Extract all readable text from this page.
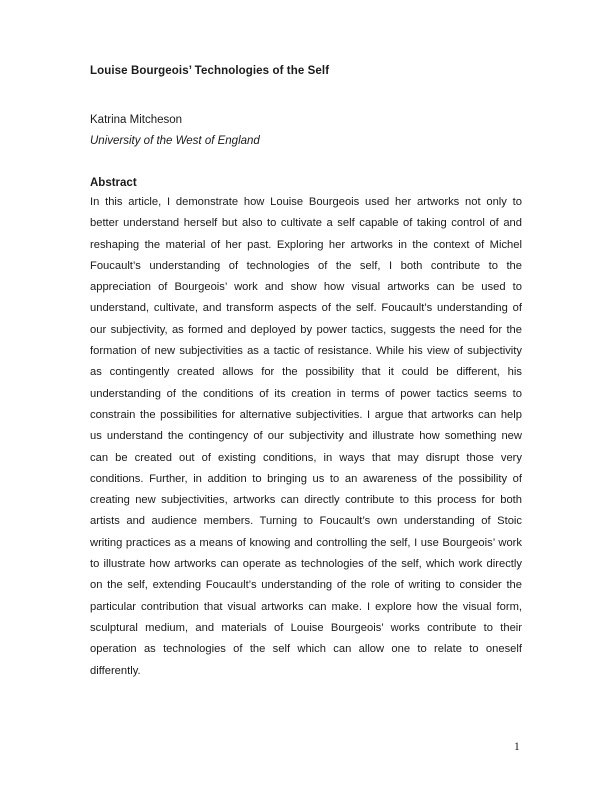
Louise Bourgeois’ Technologies of the Self
Katrina Mitcheson
University of the West of England
Abstract
In this article, I demonstrate how Louise Bourgeois used her artworks not only to better understand herself but also to cultivate a self capable of taking control of and reshaping the material of her past. Exploring her artworks in the context of Michel Foucault’s understanding of technologies of the self, I both contribute to the appreciation of Bourgeois’ work and show how visual artworks can be used to understand, cultivate, and transform aspects of the self. Foucault’s understanding of our subjectivity, as formed and deployed by power tactics, suggests the need for the formation of new subjectivities as a tactic of resistance. While his view of subjectivity as contingently created allows for the possibility that it could be different, his understanding of the conditions of its creation in terms of power tactics seems to constrain the possibilities for alternative subjectivities. I argue that artworks can help us understand the contingency of our subjectivity and illustrate how something new can be created out of existing conditions, in ways that may disrupt those very conditions. Further, in addition to bringing us to an awareness of the possibility of creating new subjectivities, artworks can directly contribute to this process for both artists and audience members. Turning to Foucault’s own understanding of Stoic writing practices as a means of knowing and controlling the self, I use Bourgeois’ work to illustrate how artworks can operate as technologies of the self, which work directly on the self, extending Foucault’s understanding of the role of writing to consider the particular contribution that visual artworks can make. I explore how the visual form, sculptural medium, and materials of Louise Bourgeois’ works contribute to their operation as technologies of the self which can allow one to relate to oneself differently.
1
